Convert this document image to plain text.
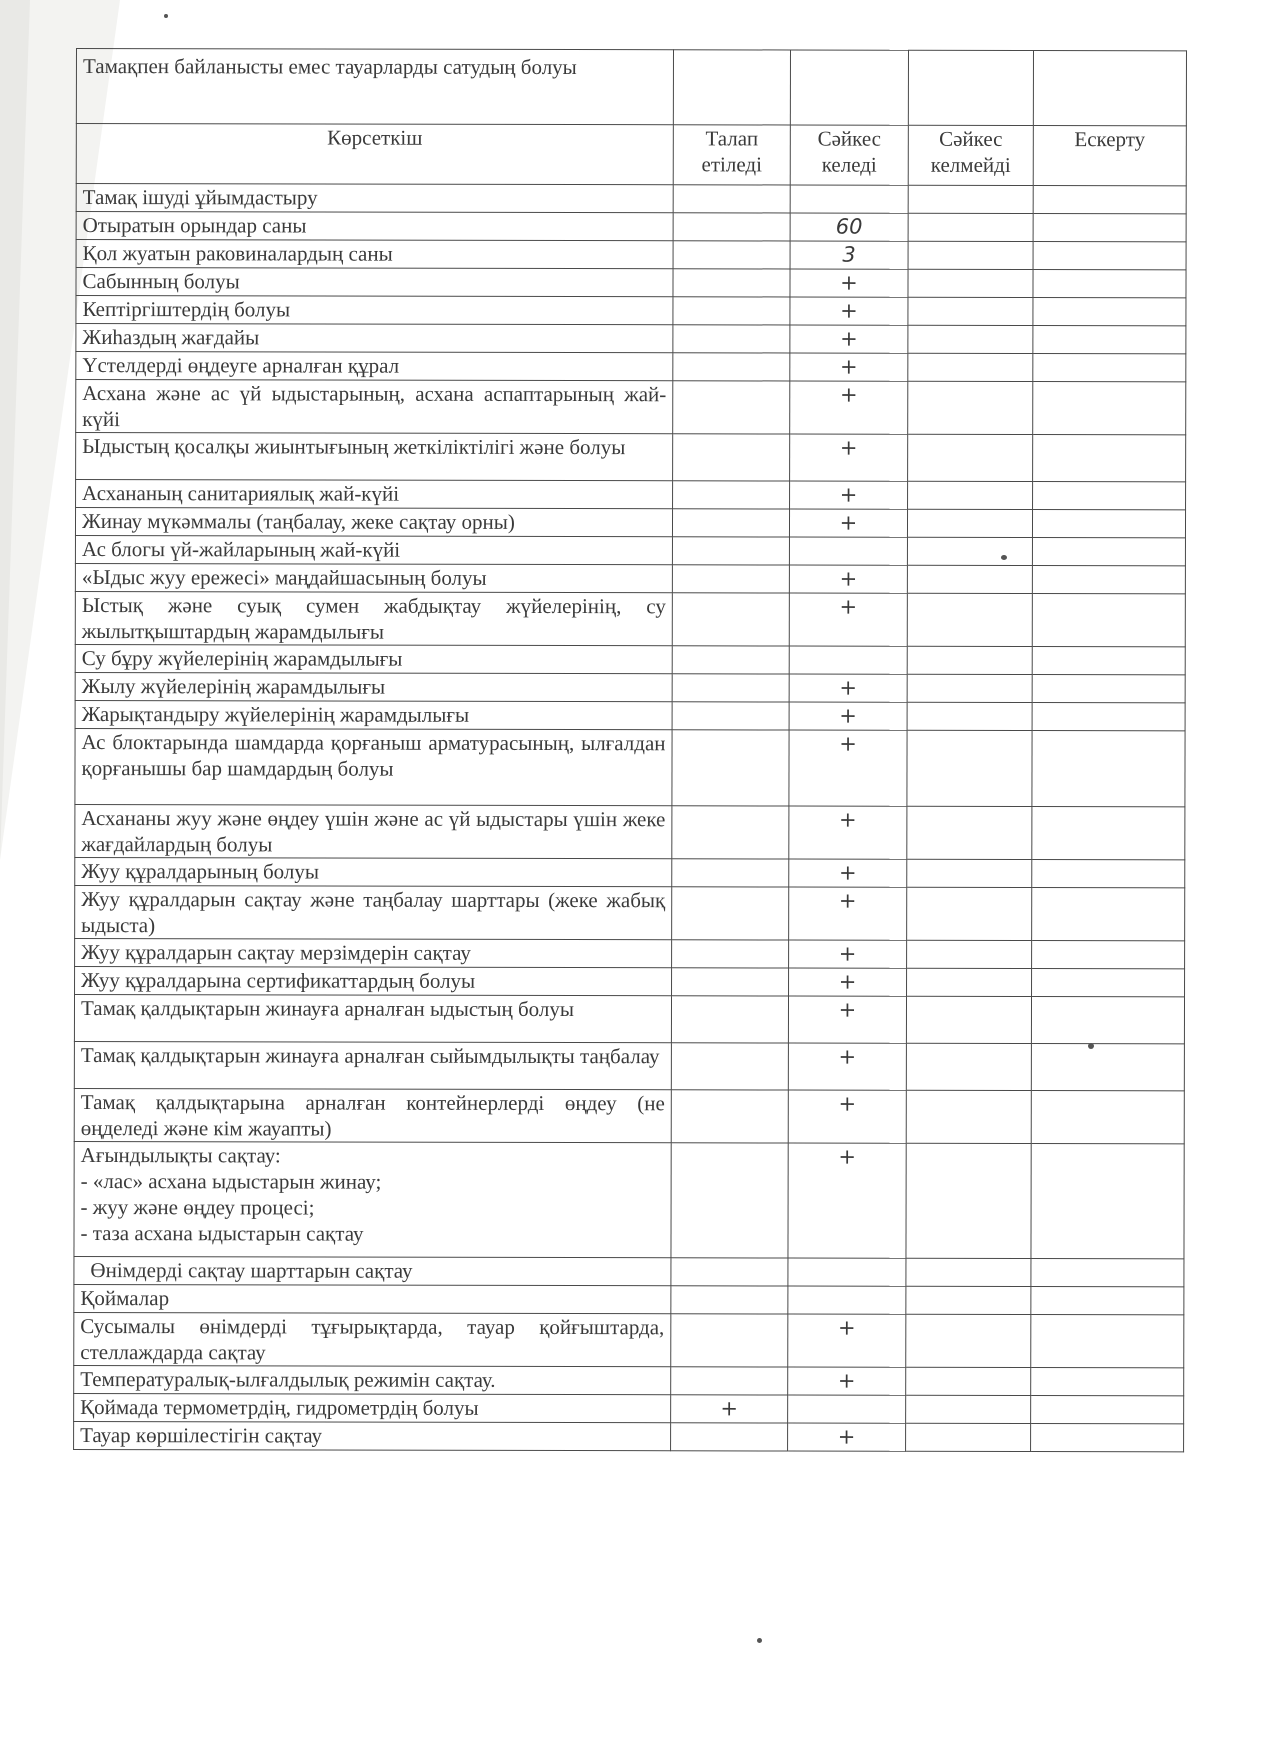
Тамақпен байланысты емес тауарларды сатудың болуы				
Көрсеткіш	Талап етіледі	Сәйкес келеді	Сәйкес келмейді	Ескерту
Тамақ ішуді ұйымдастыру				
Отыратын орындар саны		60		
Қол жуатын раковиналардың саны		3		
Сабынның болуы		+		
Кептіргіштердің болуы		+		
Жиһаздың жағдайы		+		
Үстелдерді өңдеуге арналған құрал		+		
Асхана және ас үй ыдыстарының, асхана аспаптарының жай-күйі		+		
Ыдыстың қосалқы жиынтығының жеткіліктілігі және болуы		+		
Асхананың санитариялық жай-күйі		+		
Жинау мүкәммалы (таңбалау, жеке сақтау орны)		+		
Ас блогы үй-жайларының жай-күйі				
«Ыдыс жуу ережесі» маңдайшасының болуы		+		
Ыстық және суық сумен жабдықтау жүйелерінің, су жылытқыштардың жарамдылығы		+		
Су бұру жүйелерінің жарамдылығы				
Жылу жүйелерінің жарамдылығы		+		
Жарықтандыру жүйелерінің жарамдылығы		+		
Ас блоктарында шамдарда қорғаныш арматурасының, ылғалдан қорғанышы бар шамдардың болуы		+		
Асхананы жуу және өңдеу үшін және ас үй ыдыстары үшін жеке жағдайлардың болуы		+		
Жуу құралдарының болуы		+		
Жуу құралдарын сақтау және таңбалау шарттары (жеке жабық ыдыста)		+		
Жуу құралдарын сақтау мерзімдерін сақтау		+		
Жуу құралдарына сертификаттардың болуы		+		
Тамақ қалдықтарын жинауға арналған ыдыстың болуы		+		
Тамақ қалдықтарын жинауға арналған сыйымдылықты таңбалау		+		
Тамақ қалдықтарына арналған контейнерлерді өңдеу (не өңделеді және кім жауапты)		+		

Ағындылықты сақтау:
- «лас» асхана ыдыстарын жинау;
- жуу және өңдеу процесі;
- таза асхана ыдыстарын сақтау		+		
Өнімдерді сақтау шарттарын сақтау				
Қоймалар				
Сусымалы өнімдерді тұғырықтарда, тауар қойғыштарда, стеллаждарда сақтау		+		
Температуралық-ылғалдылық режимін сақтау.		+		
Қоймада термометрдің, гидрометрдің болуы	+			
Тауар көршілестігін сақтау		+		
